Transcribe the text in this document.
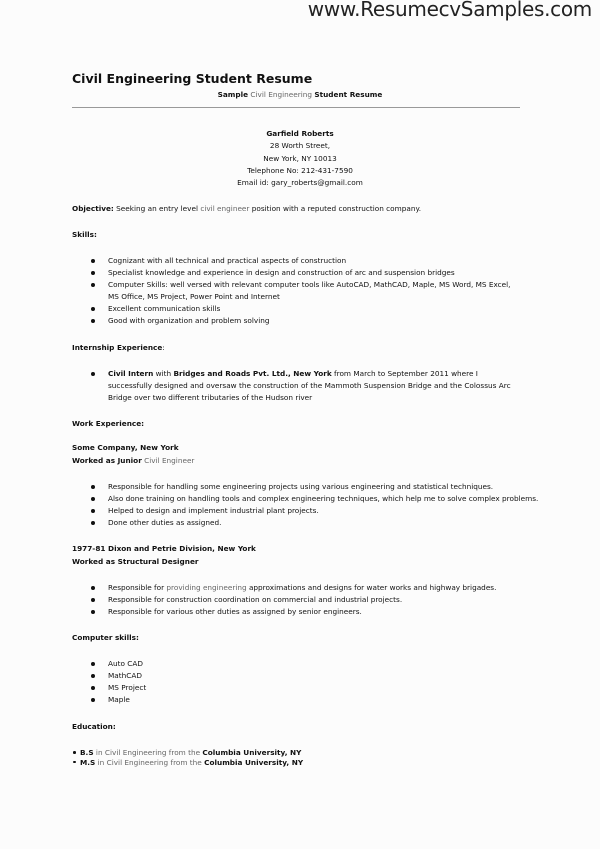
www.ResumecvSamples.com
Civil Engineering Student Resume
Sample Civil Engineering Student Resume
Garfield Roberts
28 Worth Street,
New York, NY 10013
Telephone No: 212-431-7590
Email id: gary_roberts@gmail.com
Objective: Seeking an entry level civil engineer position with a reputed construction company.
Skills:
Cognizant with all technical and practical aspects of construction
Specialist knowledge and experience in design and construction of arc and suspension bridges
Computer Skills: well versed with relevant computer tools like AutoCAD, MathCAD, Maple, MS Word, MS Excel, MS Office, MS Project, Power Point and Internet
Excellent communication skills
Good with organization and problem solving
Internship Experience:
Civil Intern with Bridges and Roads Pvt. Ltd., New York from March to September 2011 where I successfully designed and oversaw the construction of the Mammoth Suspension Bridge and the Colossus Arc Bridge over two different tributaries of the Hudson river
Work Experience:
Some Company, New York
Worked as Junior Civil Engineer
Responsible for handling some engineering projects using various engineering and statistical techniques.
Also done training on handling tools and complex engineering techniques, which help me to solve complex problems.
Helped to design and implement industrial plant projects.
Done other duties as assigned.
1977-81 Dixon and Petrie Division, New York
Worked as Structural Designer
Responsible for providing engineering approximations and designs for water works and highway brigades.
Responsible for construction coordination on commercial and industrial projects.
Responsible for various other duties as assigned by senior engineers.
Computer skills:
Auto CAD
MathCAD
MS Project
Maple
Education:
B.S in Civil Engineering from the Columbia University, NY
M.S in Civil Engineering from the Columbia University, NY
